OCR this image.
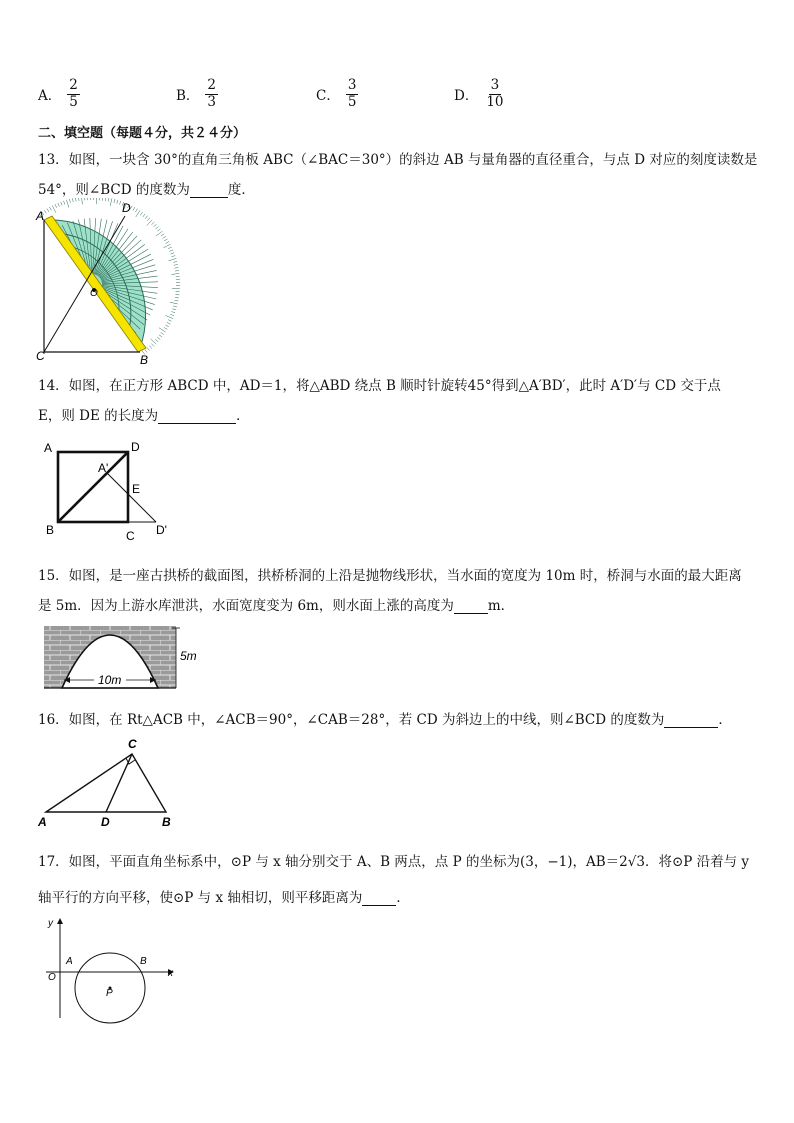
A． $\frac{2}{5}$	B． $\frac{2}{3}$	C． $\frac{3}{5}$	D． $\frac{3}{10}$
二、填空题（每题４分，共２４分）
13．如图，一块含 30°的直角三角板 ABC（∠BAC＝30°）的斜边 AB 与量角器的直径重合，与点 D 对应的刻度读数是
54°，则∠BCD 的度数为	度．
A
D
O
C	B
14．如图，在正方形 ABCD 中，AD＝1，将△ABD 绕点 B 顺时针旋转45°得到△A′BD′，此时 A′D′与 CD 交于点
E，则 DE 的长度为	．
A	D
A'
E
B	C D'
15．如图，是一座古拱桥的截面图，拱桥桥洞的上沿是抛物线形状，当水面的宽度为 10m 时，桥洞与水面的最大距离
是 5m．因为上游水库泄洪，水面宽度变为 6m，则水面上涨的高度为	m．
5m
10m
16．如图，在 Rt△ACB 中，∠ACB＝90°，∠CAB＝28°，若 CD 为斜边上的中线，则∠BCD 的度数为	．
C
A	D	B
17．如图，平面直角坐标系中，⊙P 与 x 轴分别交于 A、B 两点，点 P 的坐标为(3，−1)，AB＝2√3．将⊙P 沿着与 y
轴平行的方向平移，使⊙P 与 x 轴相切，则平移距离为	．
y
x
O
A	B
P
